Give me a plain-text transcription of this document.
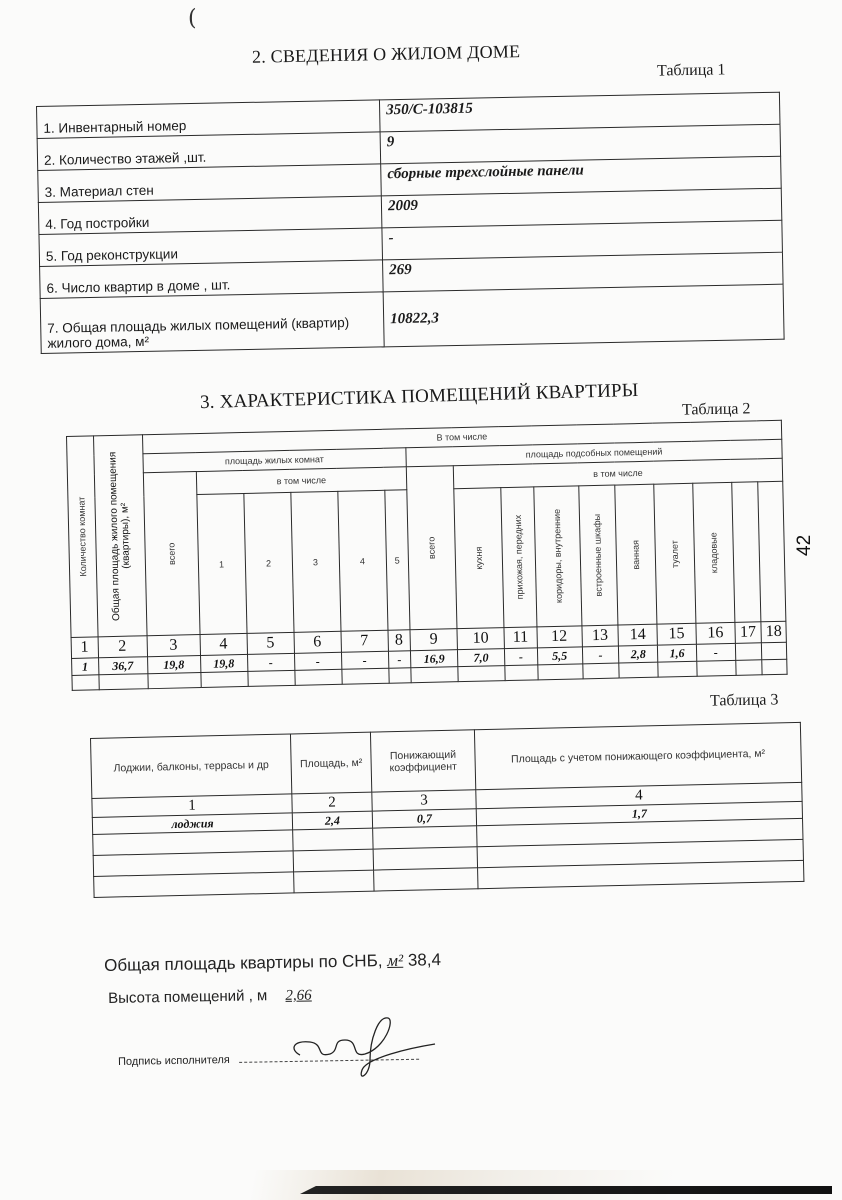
(
2. СВЕДЕНИЯ О ЖИЛОМ ДОМЕ
Таблица 1
1. Инвентарный номер	350/С-103815
2. Количество этажей ,шт.	9
3. Материал стен	сборные трехслойные панели
4. Год постройки	2009
5. Год реконструкции	-
6. Число квартир в доме , шт.	269
7. Общая площадь жилых помещений (квартир) жилого дома, м²	10822,3
3. ХАРАКТЕРИСТИКА ПОМЕЩЕНИЙ КВАРТИРЫ	Таблица 2
Количество комнат	Общая площадь жилого помещения (квартиры), м²	В том числе															
		площадь жилых комнат						площадь подсобных помещений									

		всего	в том числе					всего	в том числе								
			1	2	3	4	5		кухня	прихожая, передних	коридоры, внутренние	встроенные шкафы	ванная	туалет	кладовые		

1	2	3	4	5	6	7	8	9	10	11	12	13	14	15	16	17	18
1	36,7	19,8	19,8	-	-	-	-	16,9	7,0	-	5,5	-	2,8	1,6	-		

42
Таблица 3
Лоджии, балконы, террасы и др	Площадь, м²	Понижающий коэффициент	Площадь с учетом понижающего коэффициента, м²
1	2	3	4
лоджия	2,4	0,7	1,7

Общая площадь квартиры по СНБ, м² 38,4
Высота помещений , м 2,66
Подпись исполнителя
